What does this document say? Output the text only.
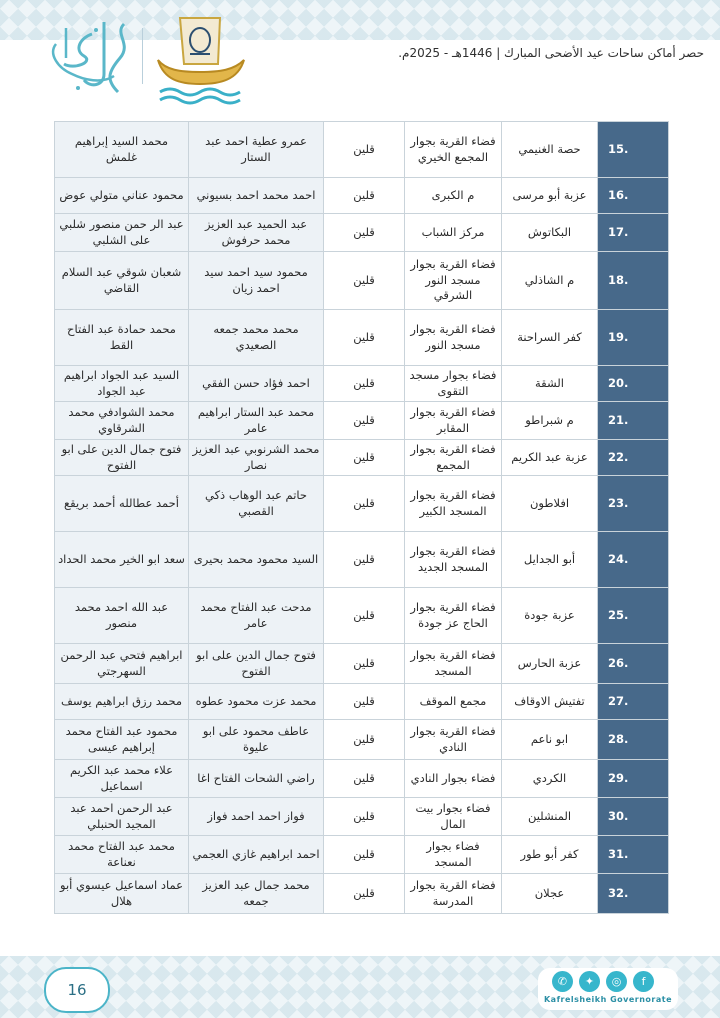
حصر أماكن ساحات عيد الأضحى المبارك | 1446هـ - 2025م.
15.	حصة الغنيمي	فضاء القرية بجوار المجمع الخيري	قلين	عمرو عطية احمد عبد الستار	محمد السيد إبراهيم غلمش
16.	عزبة أبو مرسى	م الكبرى	قلين	احمد محمد احمد بسيوني	محمود عناني متولي عوض
17.	البكاتوش	مركز الشباب	قلين	عبد الحميد عبد العزيز محمد حرفوش	عبد الر حمن منصور شلبي على الشلبي
18.	م الشاذلي	فضاء القرية بجوار مسجد النور الشرقي	قلين	محمود سيد احمد سيد احمد زيان	شعبان شوقي عبد السلام القاضي
19.	كفر السراحنة	فضاء القرية بجوار مسجد النور	قلين	محمد محمد جمعه الصعيدي	محمد حمادة عبد الفتاح القط
20.	الشقة	فضاء بجوار مسجد التقوى	قلين	احمد فؤاد حسن الفقي	السيد عبد الجواد ابراهيم عبد الجواد
21.	م شبراطو	فضاء القرية بجوار المقابر	قلين	محمد عبد الستار ابراهيم عامر	محمد الشوادفي محمد الشرقاوي
22.	عزبة عبد الكريم	فضاء القرية بجوار المجمع	قلين	محمد الشرنوبي عبد العزيز نصار	فتوح جمال الدين على ابو الفتوح
23.	افلاطون	فضاء القرية بجوار المسجد الكبير	قلين	حاتم عبد الوهاب ذكي القصبي	أحمد عطالله أحمد بريقع
24.	أبو الجدايل	فضاء القرية بجوار المسجد الجديد	قلين	السيد محمود محمد بحيرى	سعد ابو الخير محمد الحداد
25.	عزبة جودة	فضاء القرية بجوار الحاج عز جودة	قلين	مدحت عبد الفتاح محمد عامر	عبد الله احمد محمد منصور
26.	عزبة الحارس	فضاء القرية بجوار المسجد	قلين	فتوح جمال الدين على ابو الفتوح	ابراهيم فتحي عبد الرحمن السهرجتي
27.	تفتيش الاوقاف	مجمع الموقف	قلين	محمد عزت محمود عطوه	محمد رزق ابراهيم يوسف
28.	ابو ناعم	فضاء القرية بجوار النادي	قلين	عاطف محمود على ابو عليوة	محمود عبد الفتاح محمد إبراهيم عيسى
29.	الكردي	فضاء بجوار النادي	قلين	راضي الشحات الفتاح اغا	علاء محمد عبد الكريم اسماعيل
30.	المنشلين	فضاء بجوار بيت المال	قلين	فواز احمد احمد فواز	عبد الرحمن احمد عبد المجيد الحنبلي
31.	كفر أبو طور	فضاء بجوار المسجد	قلين	احمد ابراهيم غازي العجمي	محمد عبد الفتاح محمد نعناعة
32.	عجلان	فضاء القرية بجوار المدرسة	قلين	محمد جمال عبد العزيز جمعه	عماد اسماعيل عيسوي أبو هلال
16	✆	✦	◎	f
Kafrelsheikh Governorate
